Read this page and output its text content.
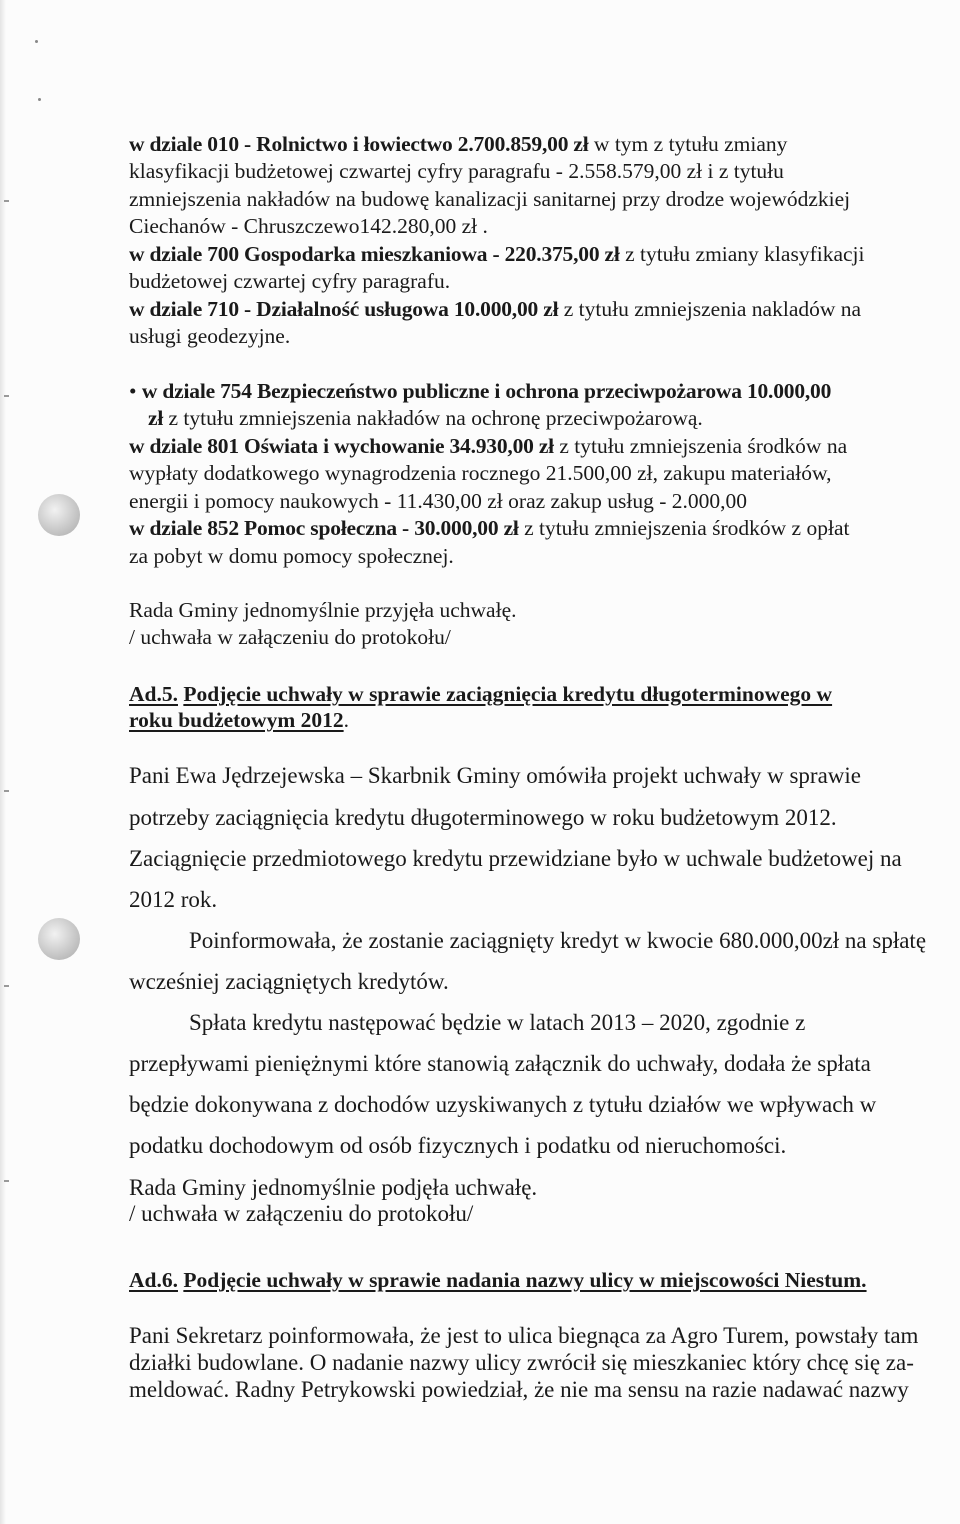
w dziale 010 - Rolnictwo i łowiectwo 2.700.859,00 zł w tym z tytułu zmiany
klasyfikacji budżetowej czwartej cyfry paragrafu - 2.558.579,00 zł i z tytułu
zmniejszenia nakładów na budowę kanalizacji sanitarnej przy drodze wojewódzkiej
Ciechanów - Chruszczewo142.280,00 zł .
w dziale 700 Gospodarka mieszkaniowa - 220.375,00 zł z tytułu zmiany klasyfikacji
budżetowej czwartej cyfry paragrafu.
w dziale 710 - Działalność usługowa 10.000,00 zł z tytułu zmniejszenia nakladów na
usługi geodezyjne.
• w dziale 754 Bezpieczeństwo publiczne i ochrona przeciwpożarowa 10.000,00
zł z tytułu zmniejszenia nakładów na ochronę przeciwpożarową.
w dziale 801 Oświata i wychowanie 34.930,00 zł z tytułu zmniejszenia środków na
wypłaty dodatkowego wynagrodzenia rocznego 21.500,00 zł, zakupu materiałów,
energii i pomocy naukowych - 11.430,00 zł oraz zakup usług - 2.000,00
w dziale 852 Pomoc społeczna - 30.000,00 zł z tytułu zmniejszenia środków z opłat
za pobyt w domu pomocy społecznej.
Rada Gminy jednomyślnie przyjęła uchwałę.
/ uchwała w załączeniu do protokołu/
Ad.5. Podjęcie uchwały w sprawie zaciągnięcia kredytu długoterminowego w
roku budżetowym 2012.
Pani Ewa Jędrzejewska – Skarbnik Gminy omówiła projekt uchwały w sprawie
potrzeby zaciągnięcia kredytu długoterminowego w roku budżetowym 2012.
Zaciągnięcie przedmiotowego kredytu przewidziane było w uchwale budżetowej na
2012 rok.
Poinformowała, że zostanie zaciągnięty kredyt w kwocie 680.000,00zł na spłatę
wcześniej zaciągniętych kredytów.
Spłata kredytu następować będzie w latach 2013 – 2020, zgodnie z
przepływami pieniężnymi które stanowią załącznik do uchwały, dodała że spłata
będzie dokonywana z dochodów uzyskiwanych z tytułu działów we wpływach w
podatku dochodowym od osób fizycznych i podatku od nieruchomości.
Rada Gminy jednomyślnie podjęła uchwałę.
/ uchwała w załączeniu do protokołu/
Ad.6. Podjęcie uchwały w sprawie nadania nazwy ulicy w miejscowości Niestum.
Pani Sekretarz poinformowała, że jest to ulica biegnąca za Agro Turem, powstały tam
działki budowlane. O nadanie nazwy ulicy zwrócił się mieszkaniec który chcę się za-
meldować. Radny Petrykowski powiedział, że nie ma sensu na razie nadawać nazwy
